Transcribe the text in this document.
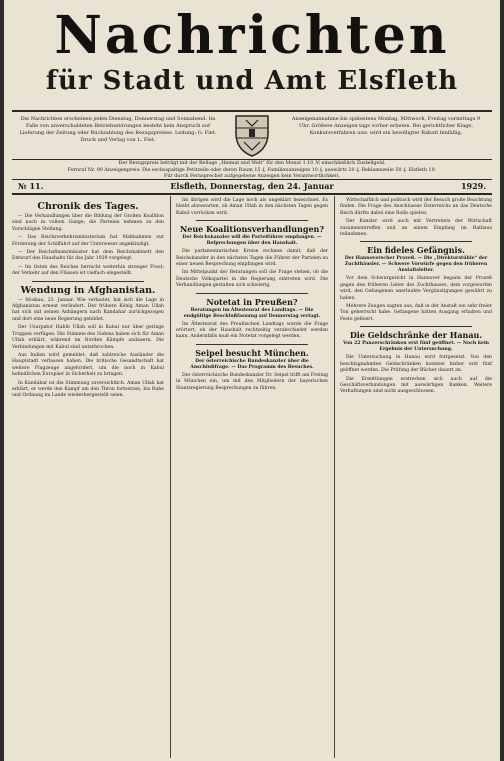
Nachrichten
für Stadt und Amt Elsfleth
Die Nachrichten erscheinen jeden Dienstag, Donnerstag und Sonnabend. Im Falle von unverschuldeten Betriebsstörungen besteht kein Anspruch auf Lieferung der Zeitung oder Rückzahlung des Bezugspreises. Leitung: G. Fiet. Druck und Verlag von L. Fiet.
Anzeigenannahme bis spätestens Montag, Mittwoch, Freitag vormittags 9 Uhr. Größere Anzeigen tags vorher erbeten. Bei gerichtlicher Klage, Konkursverfahren usw. wird ein bewilligter Rabatt hinfällig.
Der Bezugspreis beträgt mit der Beilage „Heimat und Welt“ für den Monat 1.10 ℳ einschließlich Zustellgeld.
Fernruf Nr. 90 Anzeigenpreis: Die sechsspaltige Petitzeile oder deren Raum 15 ₰, Familienanzeigen 10 ₰, auswärts 20 ₰, Reklamezeile 50 ₰. Elsfleth 10.
Für durch Fernsprecher aufgegebene Anzeigen kein Verantwortlichkeit.
Elsfleth, Donnerstag, den 24. Januar
№ 11.	1929.
Chronik des Tages.

— Die Verhandlungen über die Bildung der Großen Koalition sind noch in vollem Gange; die Parteien nehmen zu den Vorschlägen Stellung.

— Das Reichsverkehrsministerium hat Maßnahmen zur Förderung der Schiffahrt auf der Unterweser angekündigt.

— Der Reichsfinanzminister hat dem Reichskabinett den Entwurf des Haushalts für das Jahr 1929 vorgelegt.

— Im Osten des Reiches herrscht weiterhin strenger Frost; der Verkehr auf den Flüssen ist vielfach eingestellt.

Wendung in Afghanistan.

— Moskau, 23. Januar. Wie verlautet, hat sich die Lage in Afghanistan erneut verändert. Der frühere König Aman Ullah hat sich mit seinen Anhängern nach Kandahar zurückgezogen und dort eine neue Regierung gebildet.

Der Usurpator Habib Ullah soll in Kabul nur über geringe Truppen verfügen. Die Stämme des Südens haben sich für Aman Ullah erklärt, während im Norden Kämpfe andauern. Die Verbindungen mit Kabul sind unterbrochen.

Aus Indien wird gemeldet, daß zahlreiche Ausländer die Hauptstadt verlassen haben. Die britische Gesandtschaft hat weitere Flugzeuge angefordert, um die noch in Kabul befindlichen Europäer in Sicherheit zu bringen.

In Kandahar ist die Stimmung zuversichtlich. Aman Ullah hat erklärt, er werde den Kampf um den Thron fortsetzen, bis Ruhe und Ordnung im Lande wiederhergestellt seien.

Im übrigen wird die Lage noch als ungeklärt bezeichnet. Es bleibt abzuwarten, ob Aman Ullah in den nächsten Tagen gegen Kabul vorrücken wird.

Neue Koalitionsverhandlungen?
Der Reichskanzler will die Parteiführer empfangen. — Befprechungen über den Haushalt.

Die parlamentarischen Kreise rechnen damit, daß der Reichskanzler in den nächsten Tagen die Führer der Parteien zu einer neuen Besprechung empfangen wird.

Im Mittelpunkt der Beratungen soll die Frage stehen, ob die Deutsche Volkspartei in die Regierung eintreten wird. Die Verhandlungen gestalten sich schwierig.

Notetat in Preußen?
Beratungen im Ältestenrat des Landtags. — Die endgültige Beschlußfassung auf Donnerstag vertagt.

Im Ältestenrat des Preußischen Landtags wurde die Frage erörtert, ob der Haushalt rechtzeitig verabschiedet werden kann. Andernfalls muß ein Notetat vorgelegt werden.

Seipel besucht München.
Der österreichische Bundeskanzler über die Anschlußfrage. — Das Programm des Besuches.

Der österreichische Bundeskanzler Dr. Seipel trifft am Freitag in München ein, um mit den Mitgliedern der bayerischen Staatsregierung Besprechungen zu führen.

Wirtschaftlich und politisch wird der Besuch große Beachtung finden. Die Frage des Anschlusses Österreichs an das Deutsche Reich dürfte dabei eine Rolle spielen.

Der Kanzler wird auch mit Vertretern der Wirtschaft zusammentreffen und an einem Empfang im Rathaus teilnehmen.

Ein fideles Gefängnis.
Der Hannoverscher Prozeß. — Die „Direktorstühle“ der Zuchthäusler. — Schwere Vorwürfe gegen den früheren Anstaltsleiter.

Vor dem Schwurgericht in Hannover begann der Prozeß gegen den früheren Leiter des Zuchthauses, dem vorgeworfen wird, den Gefangenen unerlaubte Vergünstigungen gewährt zu haben.

Mehrere Zeugen sagten aus, daß in der Anstalt ein sehr freier Ton geherrscht habe. Gefangene hätten Ausgang erhalten und Feste gefeiert.

Die Geldschränke der Hanau.
Von 22 Panzerschränken erst fünf geöffnet. — Noch kein Ergebnis der Untersuchung.

Die Untersuchung in Hanau wird fortgesetzt. Von den beschlagnahmten Geldschränken konnten bisher erst fünf geöffnet werden. Die Prüfung der Bücher dauert an.

Die Ermittlungen erstrecken sich auch auf die Geschäftsverbindungen mit auswärtigen Banken. Weitere Verhaftungen sind nicht ausgeschlossen.
